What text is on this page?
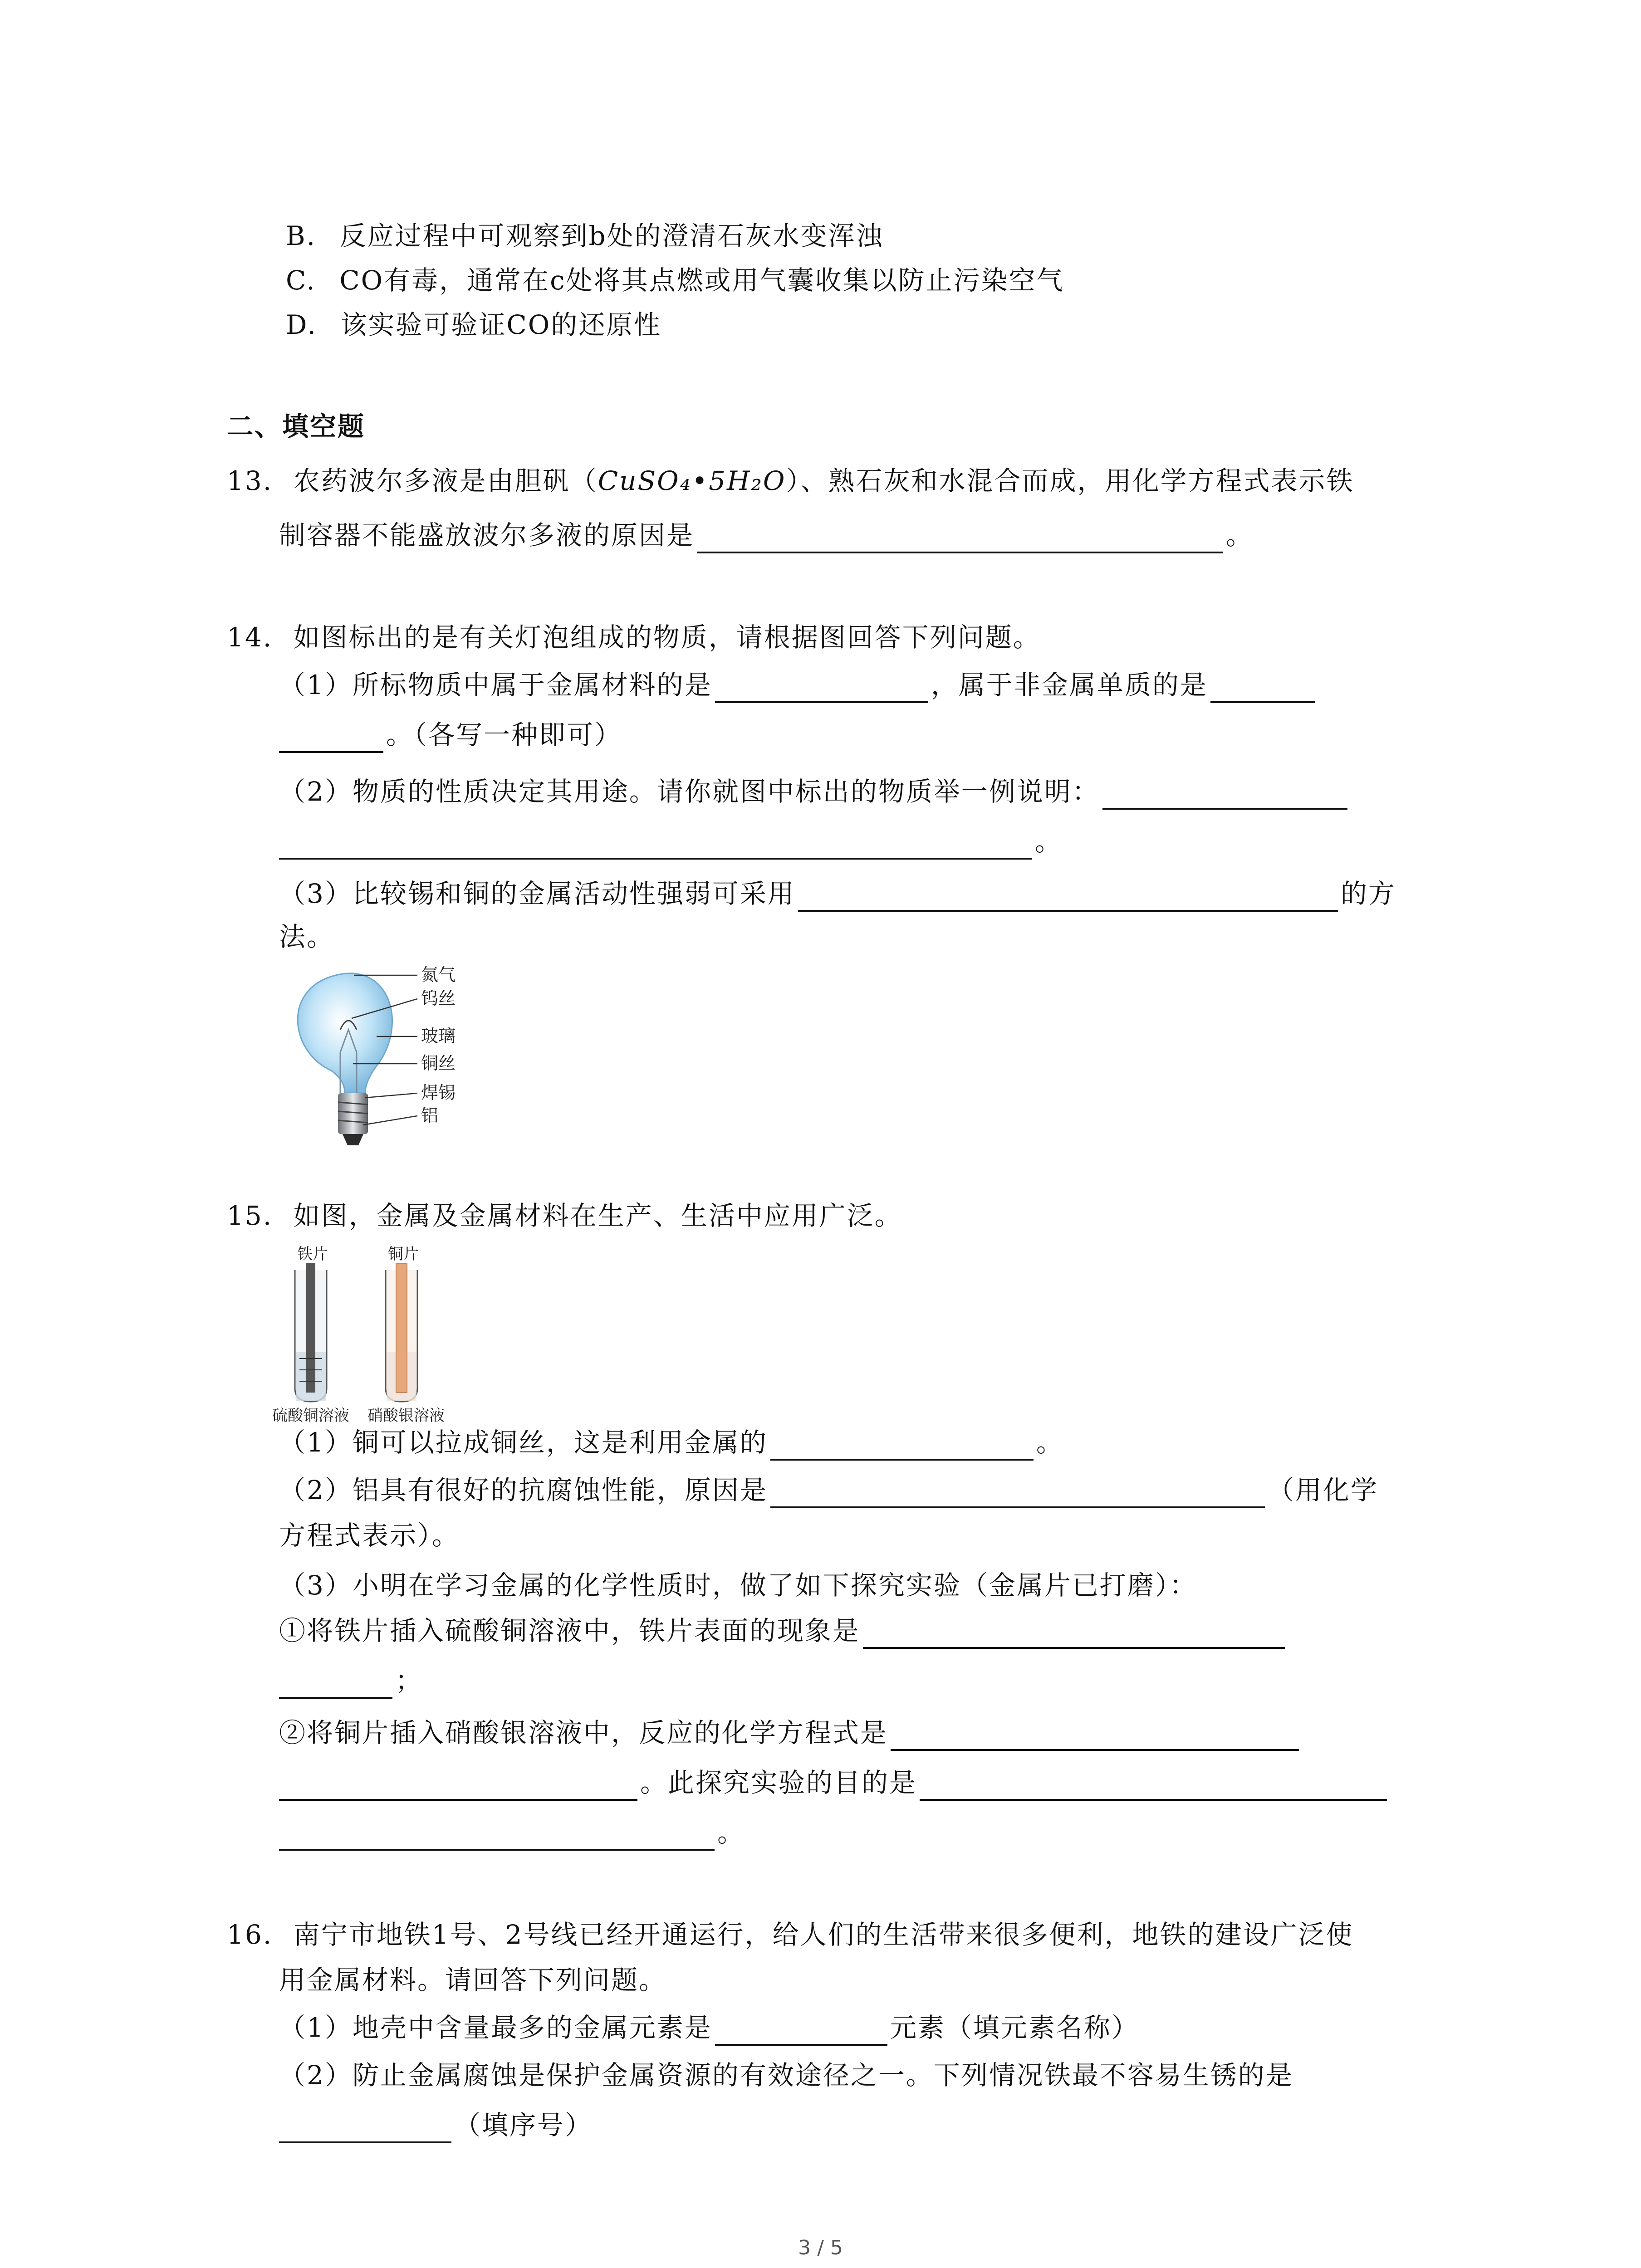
B. 反应过程中可观察到b处的澄清石灰水变浑浊
C. CO有毒，通常在c处将其点燃或用气囊收集以防止污染空气
D. 该实验可验证CO的还原性
二、填空题
13. 农药波尔多液是由胆矾（CuSO₄•5H₂O）、熟石灰和水混合而成，用化学方程式表示铁
制容器不能盛放波尔多液的原因是	。
14. 如图标出的是有关灯泡组成的物质，请根据图回答下列问题。
（1）所标物质中属于金属材料的是	，属于非金属单质的是
。（各写一种即可）
（2）物质的性质决定其用途。请你就图中标出的物质举一例说明：
。
（3）比较锡和铜的金属活动性强弱可采用	的方
法。
氮气
钨丝
玻璃
铜丝
焊锡
铝
15. 如图，金属及金属材料在生产、生活中应用广泛。
铁片	铜片
硫酸铜溶液 硝酸银溶液
（1）铜可以拉成铜丝，这是利用金属的	。
（2）铝具有很好的抗腐蚀性能，原因是	（用化学
方程式表示）。
（3）小明在学习金属的化学性质时，做了如下探究实验（金属片已打磨）：
①将铁片插入硫酸铜溶液中，铁片表面的现象是
；
②将铜片插入硝酸银溶液中，反应的化学方程式是
。此探究实验的目的是
。
16. 南宁市地铁1号、2号线已经开通运行，给人们的生活带来很多便利，地铁的建设广泛使
用金属材料。请回答下列问题。
（1）地壳中含量最多的金属元素是	元素（填元素名称）
（2）防止金属腐蚀是保护金属资源的有效途径之一。下列情况铁最不容易生锈的是
（填序号）
3 / 5
